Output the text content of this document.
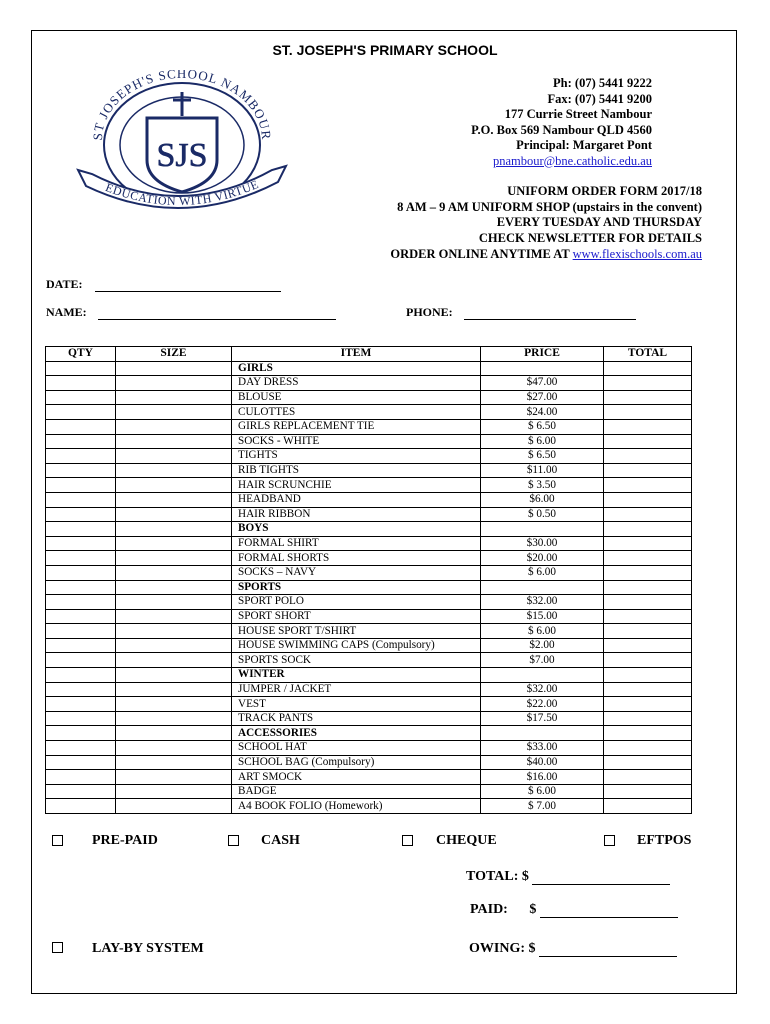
ST. JOSEPH'S PRIMARY SCHOOL
ST JOSEPH'S SCHOOL NAMBOUR
SJS
EDUCATION WITH VIRTUE
Ph: (07) 5441 9222
Fax: (07) 5441 9200
177 Currie Street Nambour
P.O. Box 569 Nambour QLD 4560
Principal: Margaret Pont
pnambour@bne.catholic.edu.au
UNIFORM ORDER FORM 2017/18
8 AM – 9 AM UNIFORM SHOP (upstairs in the convent)
EVERY TUESDAY AND THURSDAY
CHECK NEWSLETTER FOR DETAILS
ORDER ONLINE ANYTIME AT www.flexischools.com.au
DATE:
NAME:	PHONE:
QTY	SIZE	ITEM	PRICE	TOTAL
		GIRLS		
		DAY DRESS	$47.00	
		BLOUSE	$27.00	
		CULOTTES	$24.00	
		GIRLS REPLACEMENT TIE	$ 6.50	
		SOCKS - WHITE	$ 6.00	
		TIGHTS	$ 6.50	
		RIB TIGHTS	$11.00	
		HAIR SCRUNCHIE	$ 3.50	
		HEADBAND	$6.00	
		HAIR RIBBON	$ 0.50	
		BOYS		
		FORMAL SHIRT	$30.00	
		FORMAL SHORTS	$20.00	
		SOCKS – NAVY	$ 6.00	
		SPORTS		
		SPORT POLO	$32.00	
		SPORT SHORT	$15.00	
		HOUSE SPORT T/SHIRT	$ 6.00	
		HOUSE SWIMMING CAPS (Compulsory)	$2.00	
		SPORTS SOCK	$7.00	
		WINTER		
		JUMPER / JACKET	$32.00	
		VEST	$22.00	
		TRACK PANTS	$17.50	
		ACCESSORIES		
		SCHOOL HAT	$33.00	
		SCHOOL BAG (Compulsory)	$40.00	
		ART SMOCK	$16.00	
		BADGE	$ 6.00	
		A4 BOOK FOLIO (Homework)	$ 7.00	
PRE-PAID	CASH	CHEQUE	EFTPOS
TOTAL: $
PAID: $
LAY-BY SYSTEM	OWING: $
